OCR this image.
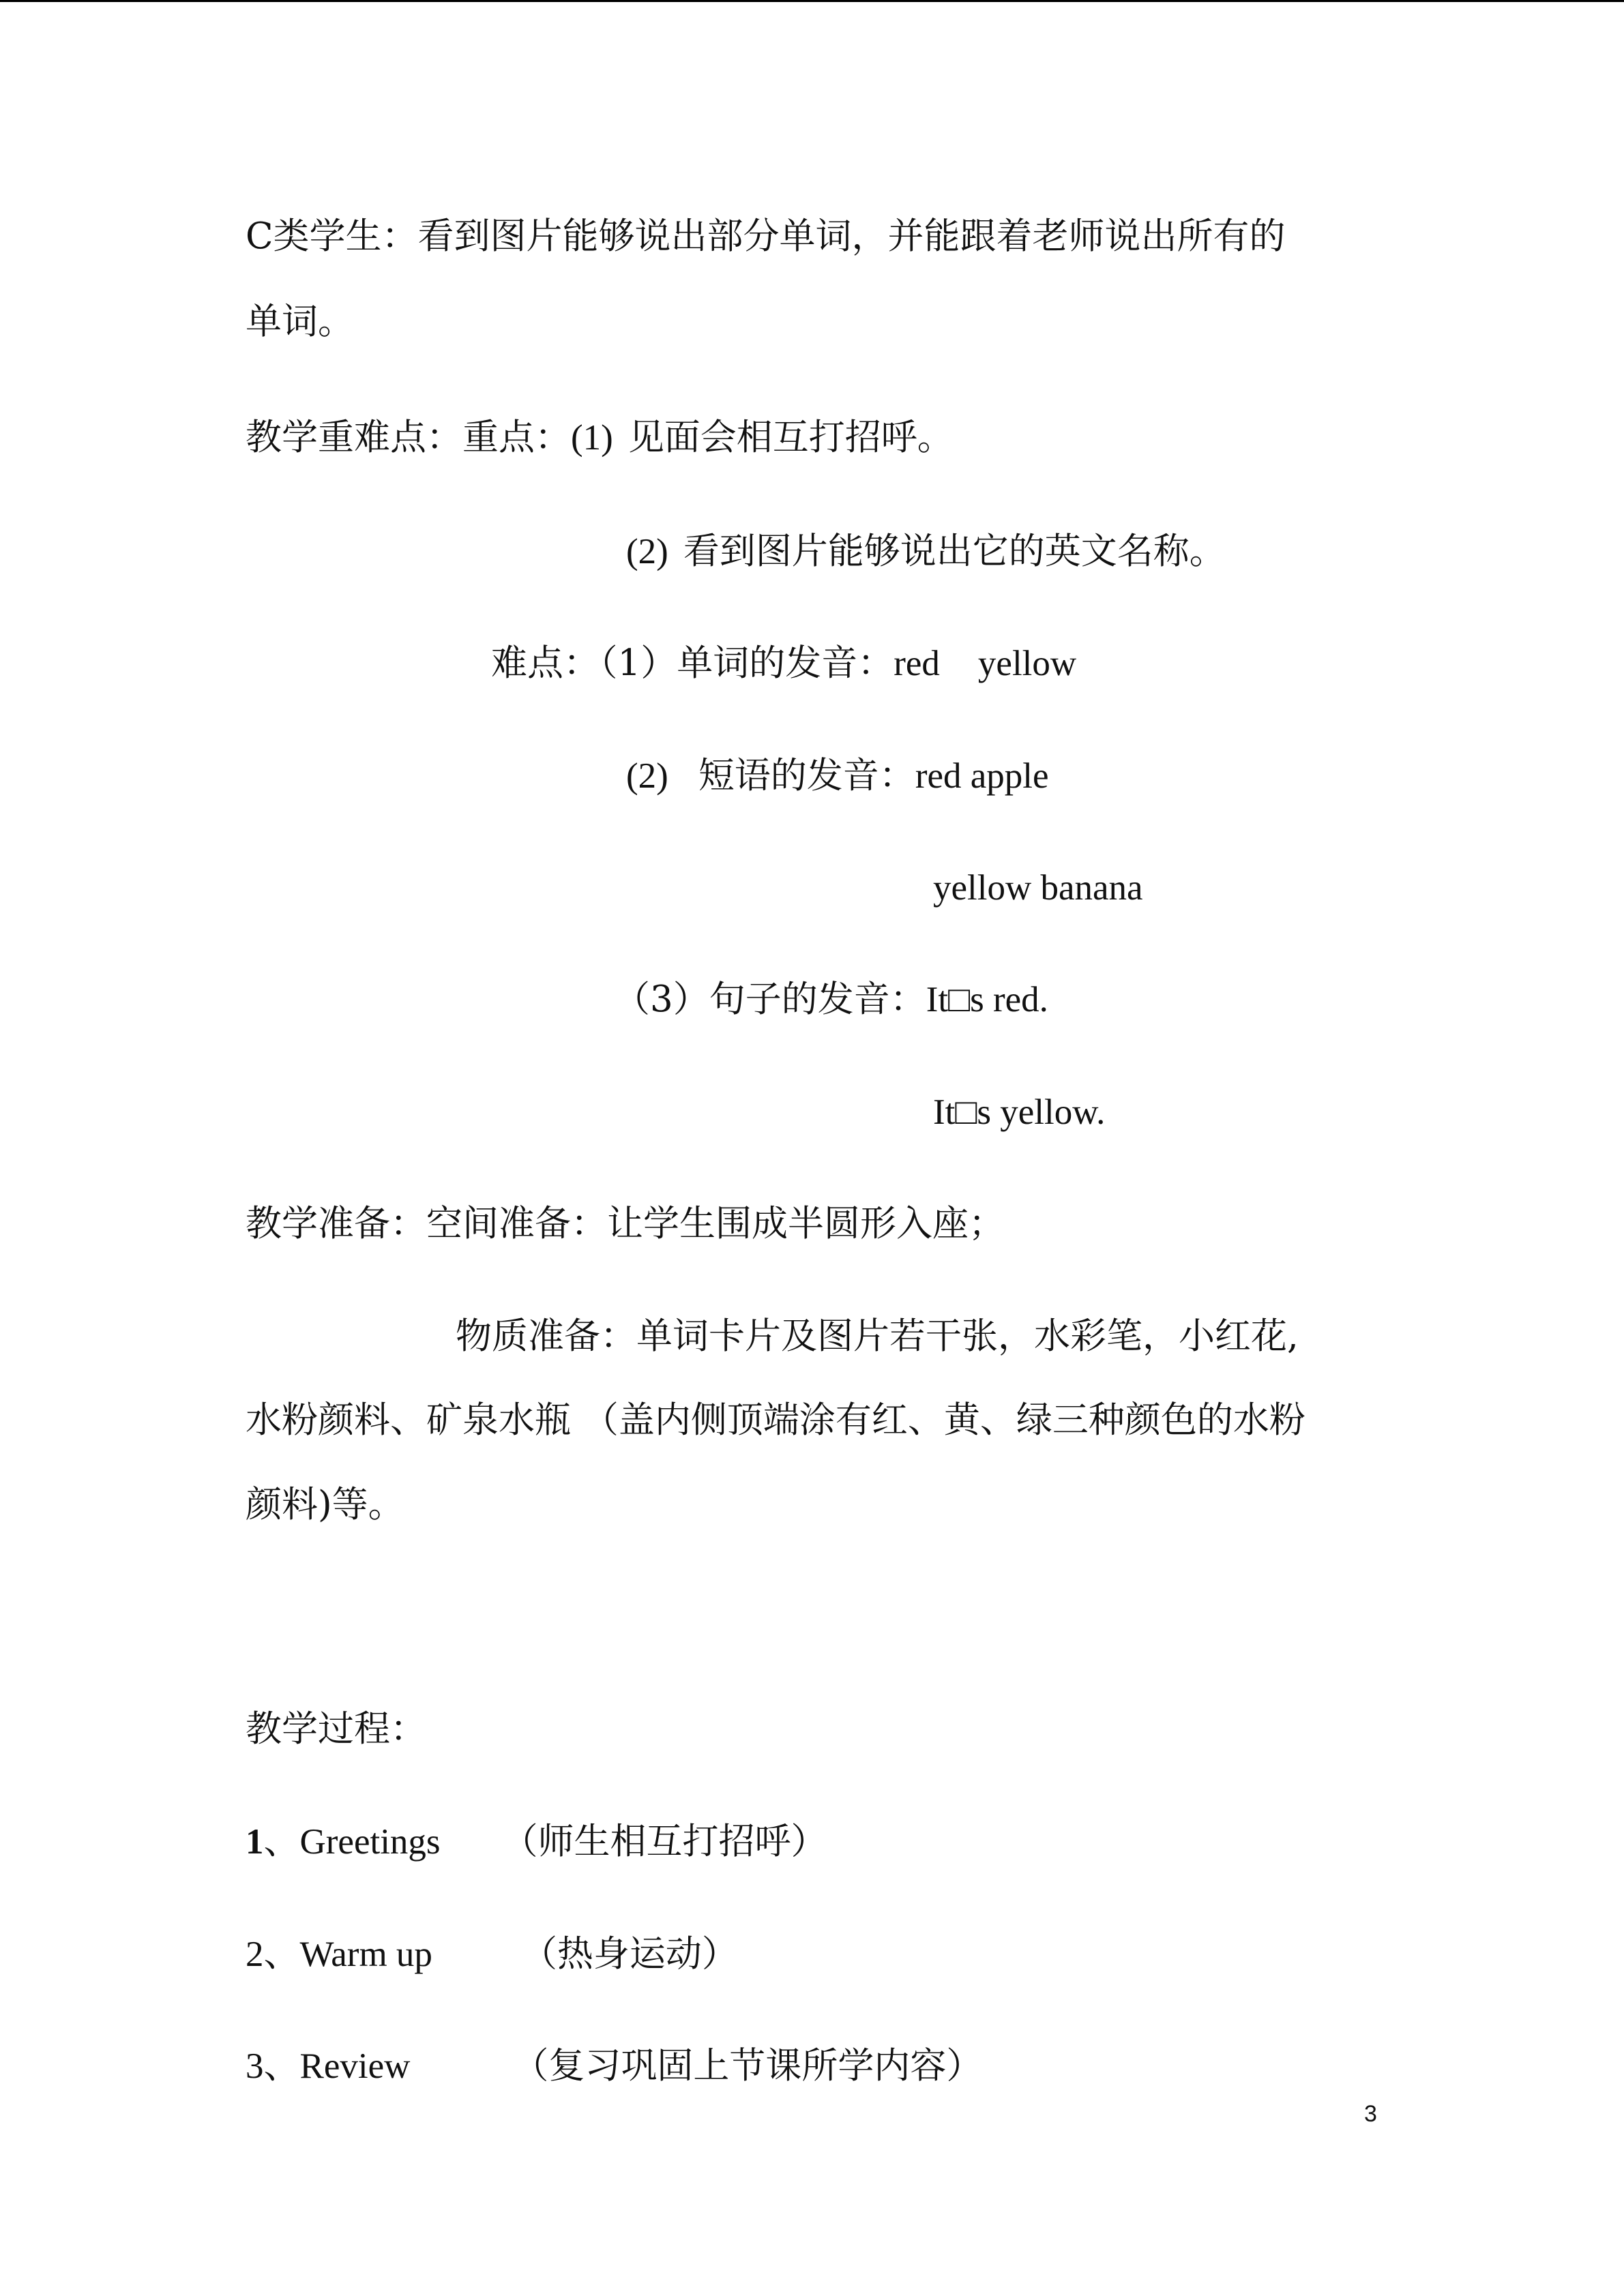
C类学生：看到图片能够说出部分单词，并能跟着老师说出所有的
单词。
教学重难点：重点：(1) 见面会相互打招呼。
(2) 看到图片能够说出它的英文名称。
难点：（1）单词的发音：red yellow
(2) 短语的发音：red apple
yellow banana
（3）句子的发音：It□s red.
It□s yellow.
教学准备：空间准备：让学生围成半圆形入座；
物质准备：单词卡片及图片若干张，水彩笔，小红花,
水粉颜料、矿泉水瓶 （盖内侧顶端涂有红、黄、绿三种颜色的水粉
颜料)等。
教学过程：
1、Greetings （师生相互打招呼）
2、Warm up （热身运动）
3、Review	（复习巩固上节课所学内容）
3
